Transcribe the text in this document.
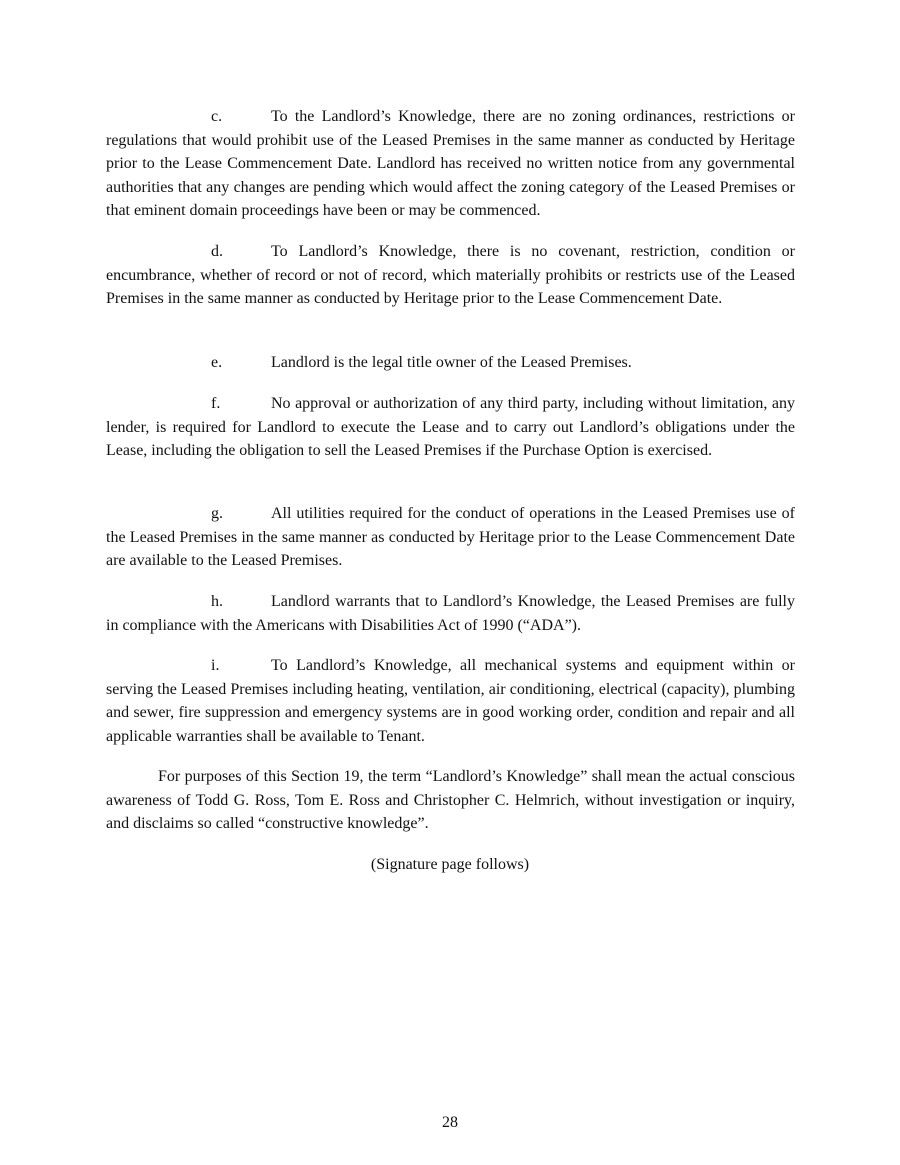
c.	To the Landlord’s Knowledge, there are no zoning ordinances, restrictions or regulations that would prohibit use of the Leased Premises in the same manner as conducted by Heritage prior to the Lease Commencement Date. Landlord has received no written notice from any governmental authorities that any changes are pending which would affect the zoning category of the Leased Premises or that eminent domain proceedings have been or may be commenced.

d.	To Landlord’s Knowledge, there is no covenant, restriction, condition or encumbrance, whether of record or not of record, which materially prohibits or restricts use of the Leased Premises in the same manner as conducted by Heritage prior to the Lease Commencement Date.

e.	Landlord is the legal title owner of the Leased Premises.

f.	No approval or authorization of any third party, including without limitation, any lender, is required for Landlord to execute the Lease and to carry out Landlord’s obligations under the Lease, including the obligation to sell the Leased Premises if the Purchase Option is exercised.

g.	All utilities required for the conduct of operations in the Leased Premises use of the Leased Premises in the same manner as conducted by Heritage prior to the Lease Commencement Date are available to the Leased Premises.

h.	Landlord warrants that to Landlord’s Knowledge, the Leased Premises are fully in compliance with the Americans with Disabilities Act of 1990 (“ADA”).

i.	To Landlord’s Knowledge, all mechanical systems and equipment within or serving the Leased Premises including heating, ventilation, air conditioning, electrical (capacity), plumbing and sewer, fire suppression and emergency systems are in good working order, condition and repair and all applicable warranties shall be available to Tenant.

For purposes of this Section 19, the term “Landlord’s Knowledge” shall mean the actual conscious awareness of Todd G. Ross, Tom E. Ross and Christopher C. Helmrich, without investigation or inquiry, and disclaims so called “constructive knowledge”.

(Signature page follows)

28
